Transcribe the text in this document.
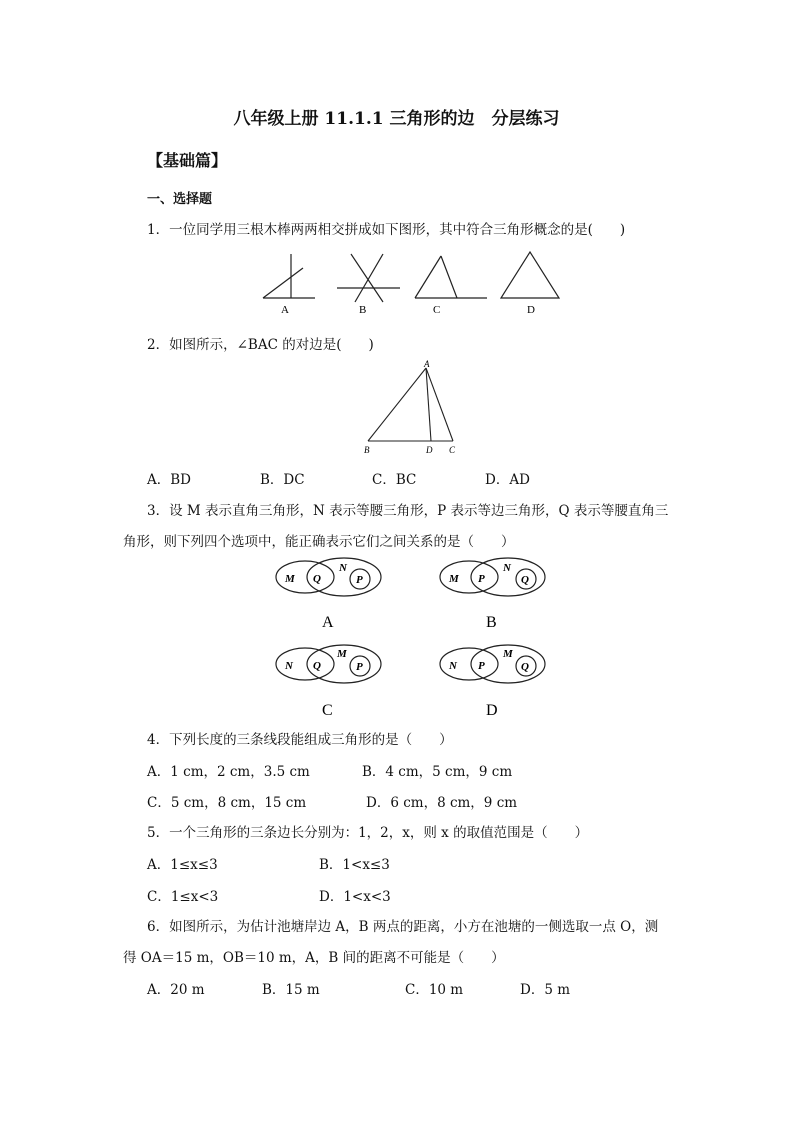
八年级上册 11.1.1 三角形的边　分层练习
【基础篇】
一、选择题
1．一位同学用三根木棒两两相交拼成如下图形，其中符合三角形概念的是(　　)
A	B	C	D
2．如图所示，∠BAC 的对边是(　　)
A
B	D C
A．BD	B．DC	C．BC	D．AD
3．设 M 表示直角三角形，N 表示等腰三角形，P 表示等边三角形，Q 表示等腰直角三
角形，则下列四个选项中，能正确表示它们之间关系的是（　　）
M Q
N
P
A
M P
N
Q
B
N Q
M
P
C
N P
M
Q
D
4．下列长度的三条线段能组成三角形的是（　　）
A．1 cm，2 cm，3.5 cm	B．4 cm，5 cm，9 cm
C．5 cm，8 cm，15 cm	D．6 cm，8 cm，9 cm
5．一个三角形的三条边长分别为：1，2，x，则 x 的取值范围是（　　）
A．1≤x≤3	B．1<x≤3
C．1≤x<3	D．1<x<3
6．如图所示，为估计池塘岸边 A，B 两点的距离，小方在池塘的一侧选取一点 O，测
得 OA＝15 m，OB＝10 m，A，B 间的距离不可能是（　　）
A．20 m	B．15 m	C．10 m	D．5 m
